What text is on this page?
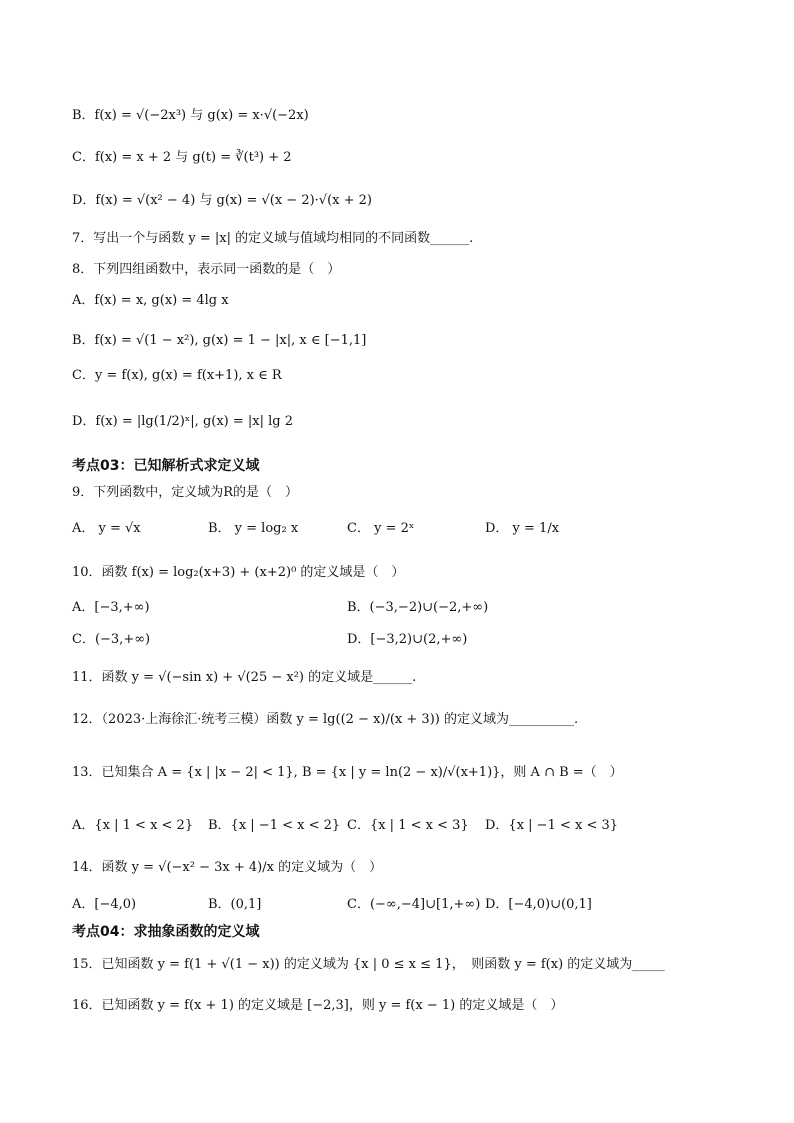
B．f(x) = √(−2x³) 与 g(x) = x·√(−2x)
C．f(x) = x + 2 与 g(t) = ∛(t³) + 2
D．f(x) = √(x² − 4) 与 g(x) = √(x − 2)·√(x + 2)
7．写出一个与函数 y = |x| 的定义域与值域均相同的不同函数______.
8．下列四组函数中，表示同一函数的是（　）
A．f(x) = x, g(x) = 4lg x
B．f(x) = √(1 − x²), g(x) = 1 − |x|, x ∈ [−1,1]
C．y = f(x), g(x) = f(x+1), x ∈ R
D．f(x) = |lg(1/2)ˣ|, g(x) = |x| lg 2
考点03：已知解析式求定义域
9．下列函数中，定义域为R的是（　）
A． y = √x	B． y = log₂ x	C． y = 2ˣ	D． y = 1/x
10．函数 f(x) = log₂(x+3) + (x+2)⁰ 的定义域是（　）
A．[−3,+∞)	B．(−3,−2)∪(−2,+∞)
C．(−3,+∞)	D．[−3,2)∪(2,+∞)
11．函数 y = √(−sin x) + √(25 − x²) 的定义域是______.
12．（2023·上海徐汇·统考三模）函数 y = lg((2 − x)/(x + 3)) 的定义域为__________.
13．已知集合 A = {x | |x − 2| < 1}, B = {x | y = ln(2 − x)/√(x+1)}，则 A ∩ B =（　）
A．{x | 1 < x < 2} B．{x | −1 < x < 2} C．{x | 1 < x < 3} D．{x | −1 < x < 3}
14．函数 y = √(−x² − 3x + 4)/x 的定义域为（　）
A．[−4,0)	B．(0,1]	C．(−∞,−4]∪[1,+∞) D．[−4,0)∪(0,1]
考点04：求抽象函数的定义域
15．已知函数 y = f(1 + √(1 − x)) 的定义域为 {x | 0 ≤ x ≤ 1}，　则函数 y = f(x) 的定义域为_____
16．已知函数 y = f(x + 1) 的定义域是 [−2,3]，则 y = f(x − 1) 的定义域是（　）
